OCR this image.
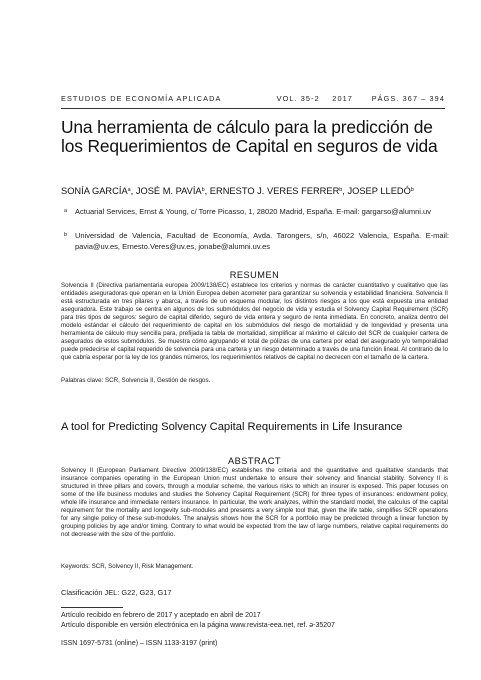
ESTUDIOS DE ECONOMÍA APLICADA	VOL. 35-2 2017	PÁGS. 367 – 394
Una herramienta de cálculo para la predicción de los Requerimientos de Capital en seguros de vida
SONÍA GARCÍA$^a$, JOSÉ M. PAVÍA$^b$, ERNESTO J. VERES FERRER$^b$, JOSEP LLEDÓ$^b$
a	Actuarial Services, Ernst & Young, c/ Torre Picasso, 1, 28020 Madrid, España. E-mail: gargarso@alumni.uv
b	Universidad de Valencia, Facultad de Economía, Avda. Tarongers, s/n, 46022 Valencia, España. E-mail: pavia@uv.es, Ernesto.Veres@uv.es, jonabe@alumni.uv.es
RESUMEN
Solvencia II (Directiva parlamentaria europea 2009/138/EC) establece los criterios y normas de carácter cuantitativo y cualitativo que las entidades aseguradoras que operan en la Unión Europea deben acometer para garantizar su solvencia y estabilidad financiera. Solvencia II está estructurada en tres pilares y abarca, a través de un esquema modular, los distintos riesgos a los que está expuesta una entidad aseguradora. Este trabajo se centra en algunos de los submódulos del negocio de vida y estudia el Solvency Capital Requirement (SCR) para tres tipos de seguros: seguro de capital diferido, seguro de vida entera y seguro de renta inmediata. En concreto, analiza dentro del modelo estándar el cálculo del requerimiento de capital en los submódulos del riesgo de mortalidad y de longevidad y presenta una herramienta de cálculo muy sencilla para, prefijada la tabla de mortalidad, simplificar al máximo el cálculo del SCR de cualquier cartera de asegurados de estos submódulos. Se muestra cómo agrupando el total de pólizas de una cartera por edad del asegurado y/o temporalidad puede predecirse el capital requerido de solvencia para una cartera y un riesgo determinado a través de una función lineal. Al contrario de lo que cabría esperar por la ley de los grandes números, los requerimientos relativos de capital no decrecen con el tamaño de la cartera.
Palabras clave: SCR, Solvencia II, Gestión de riesgos.
A tool for Predicting Solvency Capital Requirements in Life Insurance
ABSTRACT
Solvency II (European Parliament Directive 2009/138/EC) establishes the criteria and the quantitative and qualitative standards that insurance companies operating in the European Union must undertake to ensure their solvency and financial stability. Solvency II is structured in three pillars and covers, through a modular scheme, the various risks to which an insurer is exposed. This paper focuses on some of the life business modules and studies the Solvency Capital Requirement (SCR) for three types of insurances: endowment policy, whole life insurance and immediate renters insurance. In particular, the work analyzes, within the standard model, the calculus of the capital requirement for the mortality and longevity sub-modules and presents a very simple tool that, given the life table, simplifies SCR operations for any single policy of these sub-modules. The analysis shows how the SCR for a portfolio may be predicted through a linear function by grouping policies by age and/or timing. Contrary to what would be expected from the law of large numbers, relative capital requirements do not decrease with the size of the portfolio.
Keywords: SCR, Solvency II, Risk Management.
Clasificación JEL: G22, G23, G17
Artículo recibido en febrero de 2017 y aceptado en abril de 2017
Artículo disponible en versión electrónica en la página www.revista-eea.net, ref. ə-35207
ISSN 1697-5731 (online) – ISSN 1133-3197 (print)
